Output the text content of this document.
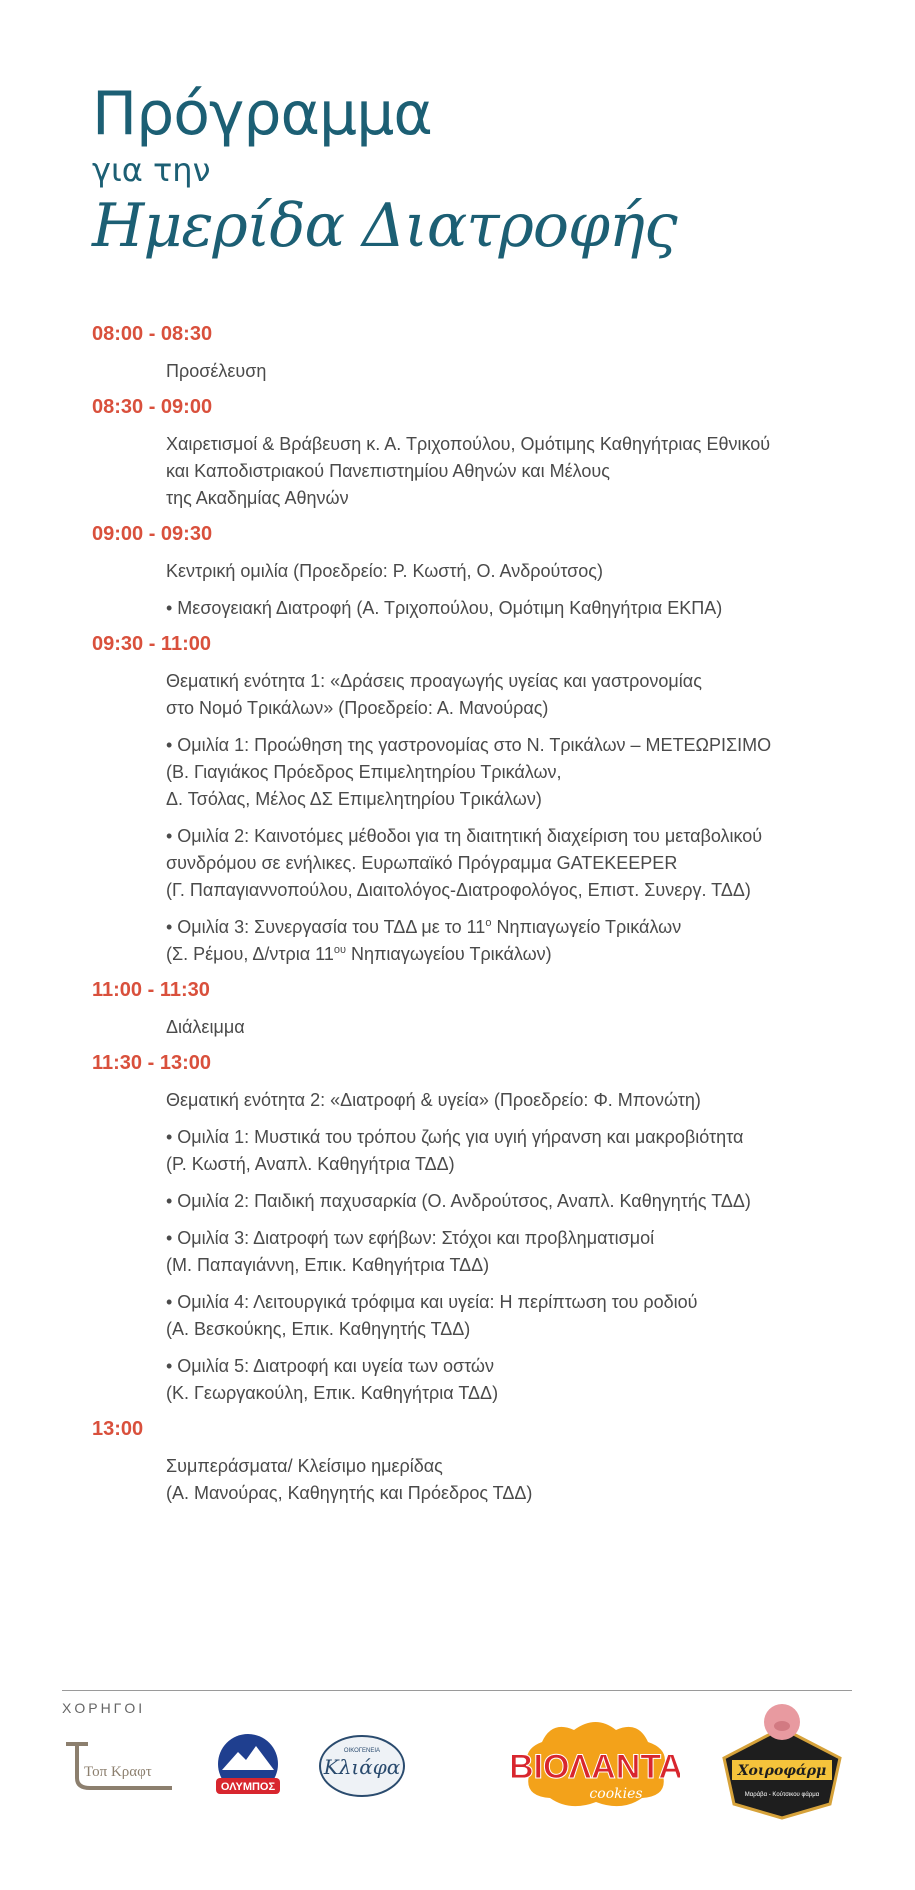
Πρόγραμμα
για την
Ημερίδα Διατροφής
08:00 - 08:30
Προσέλευση
08:30 - 09:00
Χαιρετισμοί & Βράβευση κ. Α. Τριχοπούλου, Ομότιμης Καθηγήτριας Εθνικού
και Καποδιστριακού Πανεπιστημίου Αθηνών και Μέλους
της Ακαδημίας Αθηνών
09:00 - 09:30
Κεντρική ομιλία (Προεδρείο: Ρ. Κωστή, Ο. Ανδρούτσος)
• Μεσογειακή Διατροφή (Α. Τριχοπούλου, Ομότιμη Καθηγήτρια ΕΚΠΑ)
09:30 - 11:00
Θεματική ενότητα 1: «Δράσεις προαγωγής υγείας και γαστρονομίας
στο Νομό Τρικάλων» (Προεδρείο: Α. Μανούρας)
• Ομιλία 1: Προώθηση της γαστρονομίας στο Ν. Τρικάλων – ΜΕΤΕΩΡΙΣΙΜΟ
(Β. Γιαγιάκος Πρόεδρος Επιμελητηρίου Τρικάλων,
Δ. Τσόλας, Μέλος ΔΣ Επιμελητηρίου Τρικάλων)
• Ομιλία 2: Καινοτόμες μέθοδοι για τη διαιτητική διαχείριση του μεταβολικού
συνδρόμου σε ενήλικες. Ευρωπαϊκό Πρόγραμμα GATEKEEPER
(Γ. Παπαγιαννοπούλου, Διαιτολόγος-Διατροφολόγος, Επιστ. Συνεργ. ΤΔΔ)
• Ομιλία 3: Συνεργασία του ΤΔΔ με το $11^o$ Νηπιαγωγείο Τρικάλων
(Σ. Ρέμου, Δ/ντρια $11^{o\upsilon}$ Νηπιαγωγείου Τρικάλων)
11:00 - 11:30
Διάλειμμα
11:30 - 13:00
Θεματική ενότητα 2: «Διατροφή & υγεία» (Προεδρείο: Φ. Μπονώτη)
• Ομιλία 1: Μυστικά του τρόπου ζωής για υγιή γήρανση και μακροβιότητα
(Ρ. Κωστή, Αναπλ. Καθηγήτρια ΤΔΔ)
• Ομιλία 2: Παιδική παχυσαρκία (Ο. Ανδρούτσος, Αναπλ. Καθηγητής ΤΔΔ)
• Ομιλία 3: Διατροφή των εφήβων: Στόχοι και προβληματισμοί
(Μ. Παπαγιάννη, Επικ. Καθηγήτρια ΤΔΔ)
• Ομιλία 4: Λειτουργικά τρόφιμα και υγεία: Η περίπτωση του ροδιού
(Α. Βεσκούκης, Επικ. Καθηγητής ΤΔΔ)
• Ομιλία 5: Διατροφή και υγεία των οστών
(Κ. Γεωργακούλη, Επικ. Καθηγήτρια ΤΔΔ)
13:00
Συμπεράσματα/ Κλείσιμο ημερίδας
(Α. Μανούρας, Καθηγητής και Πρόεδρος ΤΔΔ)
ΧΟΡΗΓΟΙ
Τοπ Κραφτ
ΟΛΥΜΠΟΣ
ΟΙΚΟΓΕΝΕΙΑ
Κλιάφα	ΒΙΟΛΑΝΤΑ
cookies
Χοιροφάρμ
Μαράβα - Κούτσικου φάρμα
